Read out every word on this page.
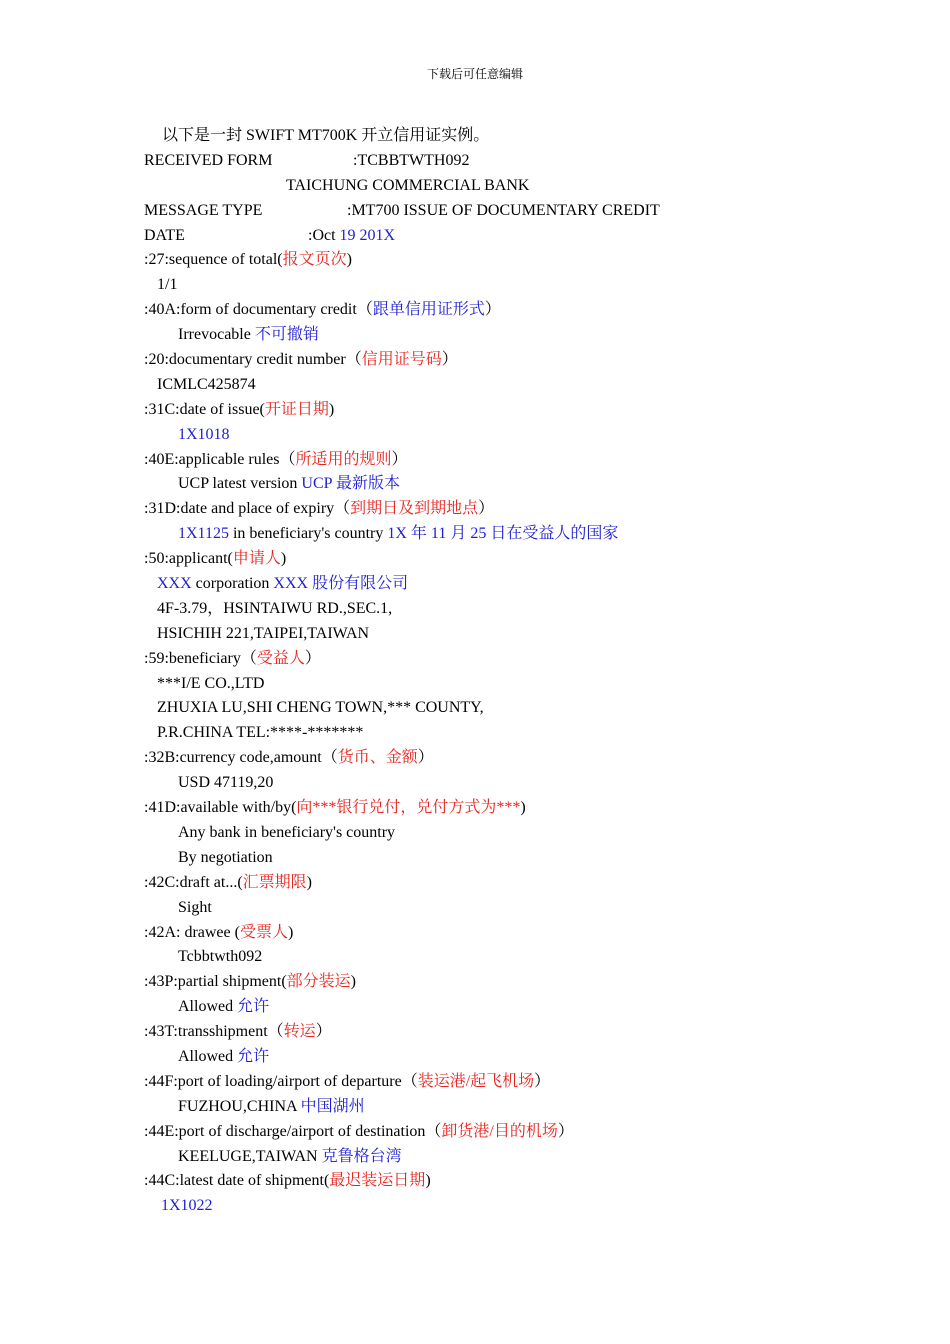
下载后可任意编辑
以下是一封 SWIFT MT700K 开立信用证实例。
RECEIVED FORM	:TCBBTWTH092
TAICHUNG COMMERCIAL BANK
MESSAGE TYPE	:MT700 ISSUE OF DOCUMENTARY CREDIT
DATE	:Oct 19 201X
:27:sequence of total(报文页次)
1/1
:40A:form of documentary credit（跟单信用证形式）
Irrevocable 不可撤销
:20:documentary credit number（信用证号码）
ICMLC425874
:31C:date of issue(开证日期)
1X1018
:40E:applicable rules（所适用的规则）
UCP latest version UCP 最新版本
:31D:date and place of expiry（到期日及到期地点）
1X1125 in beneficiary's country 1X 年 11 月 25 日在受益人的国家
:50:applicant(申请人)
XXX corporation XXX 股份有限公司
4F-3.79，HSINTAIWU RD.,SEC.1,
HSICHIH 221,TAIPEI,TAIWAN
:59:beneficiary（受益人）
***I/E CO.,LTD
ZHUXIA LU,SHI CHENG TOWN,*** COUNTY,
P.R.CHINA TEL:****-*******
:32B:currency code,amount（货币、金额）
USD 47119,20
:41D:available with/by(向***银行兑付，兑付方式为***)
Any bank in beneficiary's country
By negotiation
:42C:draft at...(汇票期限)
Sight
:42A: drawee (受票人)
Tcbbtwth092
:43P:partial shipment(部分装运)
Allowed 允许
:43T:transshipment（转运）
Allowed 允许
:44F:port of loading/airport of departure（装运港/起飞机场）
FUZHOU,CHINA 中国湖州
:44E:port of discharge/airport of destination（卸货港/目的机场）
KEELUGE,TAIWAN 克鲁格台湾
:44C:latest date of shipment(最迟装运日期)
1X1022
